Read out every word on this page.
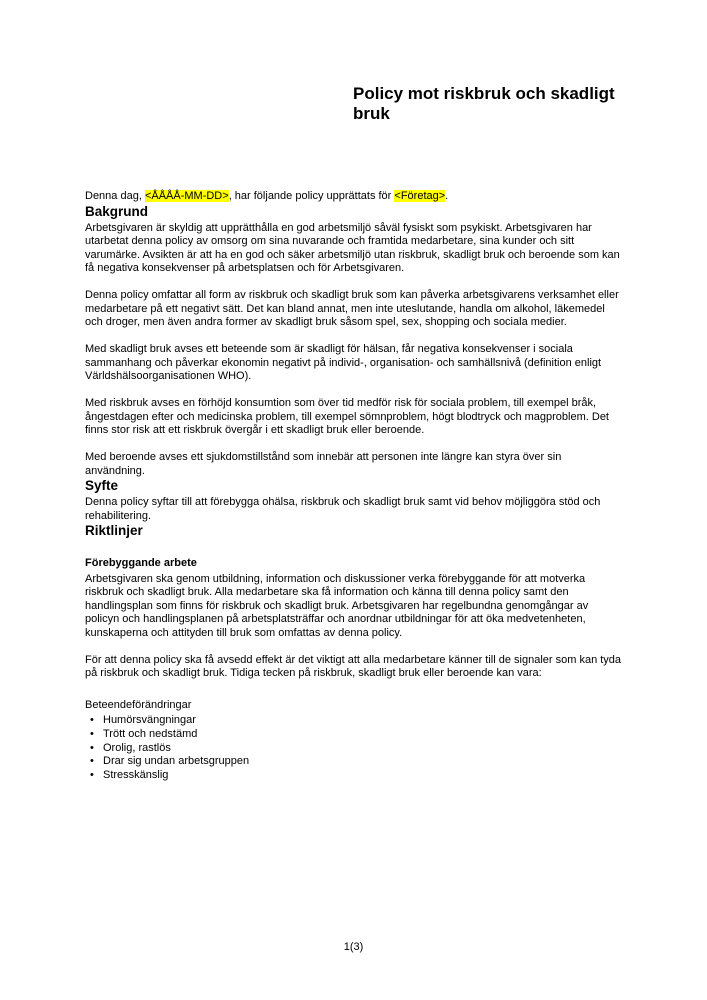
Policy mot riskbruk och skadligt bruk

Denna dag, <ÅÅÅÅ-MM-DD>, har följande policy upprättats för <Företag>.

Bakgrund

Arbetsgivaren är skyldig att upprätthålla en god arbetsmiljö såväl fysiskt som psykiskt. Arbetsgivaren har utarbetat denna policy av omsorg om sina nuvarande och framtida medarbetare, sina kunder och sitt varumärke. Avsikten är att ha en god och säker arbetsmiljö utan riskbruk, skadligt bruk och beroende som kan få negativa konsekvenser på arbetsplatsen och för Arbetsgivaren.

Denna policy omfattar all form av riskbruk och skadligt bruk som kan påverka arbetsgivarens verksamhet eller medarbetare på ett negativt sätt. Det kan bland annat, men inte uteslutande, handla om alkohol, läkemedel och droger, men även andra former av skadligt bruk såsom spel, sex, shopping och sociala medier.

Med skadligt bruk avses ett beteende som är skadligt för hälsan, får negativa konsekvenser i sociala sammanhang och påverkar ekonomin negativt på individ-, organisation- och samhällsnivå (definition enligt Världshälsoorganisationen WHO).

Med riskbruk avses en förhöjd konsumtion som över tid medför risk för sociala problem, till exempel bråk, ångestdagen efter och medicinska problem, till exempel sömnproblem, högt blodtryck och magproblem. Det finns stor risk att ett riskbruk övergår i ett skadligt bruk eller beroende.

Med beroende avses ett sjukdomstillstånd som innebär att personen inte längre kan styra över sin användning.

Syfte

Denna policy syftar till att förebygga ohälsa, riskbruk och skadligt bruk samt vid behov möjliggöra stöd och rehabilitering.

Riktlinjer

Förebyggande arbete

Arbetsgivaren ska genom utbildning, information och diskussioner verka förebyggande för att motverka riskbruk och skadligt bruk. Alla medarbetare ska få information och känna till denna policy samt den handlingsplan som finns för riskbruk och skadligt bruk. Arbetsgivaren har regelbundna genomgångar av policyn och handlingsplanen på arbetsplatsträffar och anordnar utbildningar för att öka medvetenheten, kunskaperna och attityden till bruk som omfattas av denna policy.

För att denna policy ska få avsedd effekt är det viktigt att alla medarbetare känner till de signaler som kan tyda på riskbruk och skadligt bruk. Tidiga tecken på riskbruk, skadligt bruk eller beroende kan vara:

Beteendeförändringar

• Humörsvängningar
• Trött och nedstämd
• Orolig, rastlös
• Drar sig undan arbetsgruppen
• Stresskänslig
1(3)
